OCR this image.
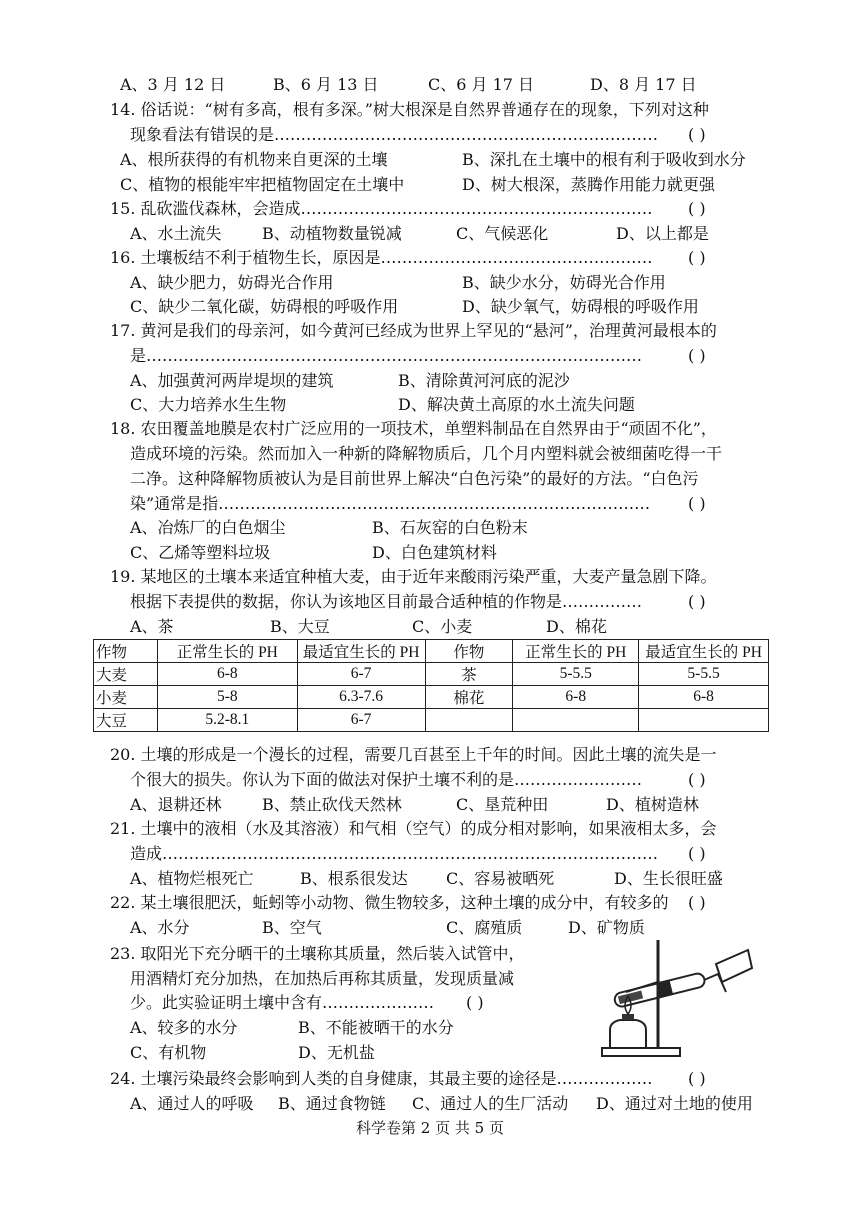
A、3 月 12 日	B、6 月 13 日	C、6 月 17 日	D、8 月 17 日
14. 俗话说：“树有多高，根有多深。”树大根深是自然界普通存在的现象，下列对这种
现象看法有错误的是……………………………………………………………… ( )
A、根所获得的有机物来自更深的土壤	B、深扎在土壤中的根有利于吸收到水分
C、植物的根能牢牢把植物固定在土壤中	D、树大根深，蒸腾作用能力就更强
15. 乱砍滥伐森林，会造成………………………………………………………… ( )
A、水土流失	B、动植物数量锐减	C、气候恶化	D、以上都是
16. 土壤板结不利于植物生长，原因是…………………………………………… ( )
A、缺少肥力，妨碍光合作用	B、缺少水分，妨碍光合作用
C、缺少二氧化碳，妨碍根的呼吸作用	D、缺少氧气，妨碍根的呼吸作用
17. 黄河是我们的母亲河，如今黄河已经成为世界上罕见的“悬河”，治理黄河最根本的
是…………………………………………………………………………………	( )
A、加强黄河两岸堤坝的建筑	B、清除黄河河底的泥沙
C、大力培养水生生物	D、解决黄土高原的水土流失问题
18. 农田覆盖地膜是农村广泛应用的一项技术，单塑料制品在自然界由于“顽固不化”，
造成环境的污染。然而加入一种新的降解物质后，几个月内塑料就会被细菌吃得一干
二净。这种降解物质被认为是目前世界上解决“白色污染”的最好的方法。“白色污
染”通常是指……………………………………………………………………… ( )
A、冶炼厂的白色烟尘	B、石灰窑的白色粉末
C、乙烯等塑料垃圾	D、白色建筑材料
19. 某地区的土壤本来适宜种植大麦，由于近年来酸雨污染严重，大麦产量急剧下降。
根据下表提供的数据，你认为该地区目前最合适种植的作物是……………	( )
A、茶	B、大豆	C、小麦	D、棉花
作物	正常生长的 PH	最适宜生长的 PH	作物	正常生长的 PH	最适宜生长的 PH
大麦	6-8	6-7	茶	5-5.5	5-5.5
小麦	5-8	6.3-7.6	棉花	6-8	6-8
大豆	5.2-8.1	6-7			
20. 土壤的形成是一个漫长的过程，需要几百甚至上千年的时间。因此土壤的流失是一
个很大的损失。你认为下面的做法对保护土壤不利的是……………………	( )
A、退耕还林	B、禁止砍伐天然林	C、垦荒种田	D、植树造林
21. 土壤中的液相（水及其溶液）和气相（空气）的成分相对影响，如果液相太多，会
造成………………………………………………………………………………… ( )
A、植物烂根死亡	B、根系很发达 C、容易被晒死	D、生长很旺盛
22. 某土壤很肥沃，蚯蚓等小动物、微生物较多，这种土壤的成分中，有较多的 ( )
A、水分	B、空气	C、腐殖质	D、矿物质
23. 取阳光下充分晒干的土壤称其质量，然后装入试管中，
用酒精灯充分加热，在加热后再称其质量，发现质量减
少。此实验证明土壤中含有………………… ( )
A、较多的水分	B、不能被晒干的水分
C、有机物	D、无机盐
24. 土壤污染最终会影响到人类的自身健康，其最主要的途径是……………… ( )
A、通过人的呼吸 B、通过食物链 C、通过人的生厂活动 D、通过对土地的使用
科学卷第 2 页 共 5 页
